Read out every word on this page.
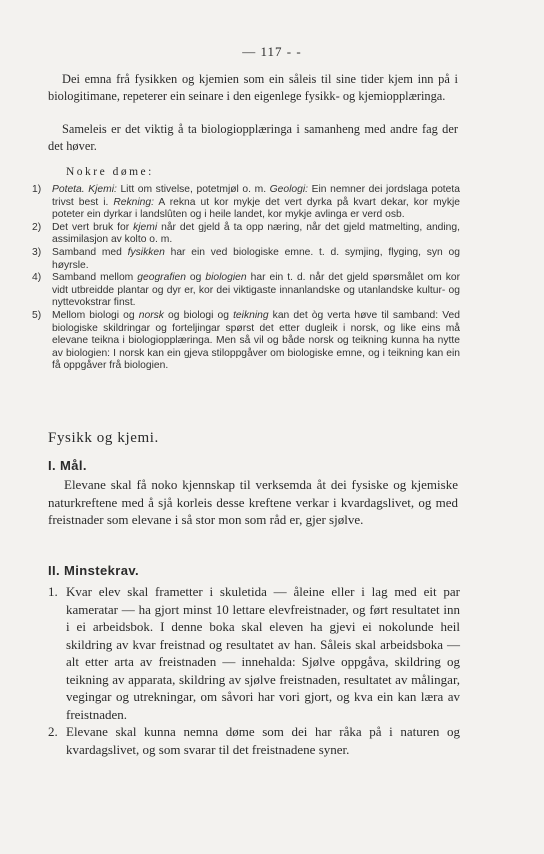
— 117 - -

Dei emna frå fysikken og kjemien som ein såleis til sine tider kjem inn på i biologitimane, repeterer ein seinare i den eigenlege fysikk- og kjemiopplæringa.

Sameleis er det viktig å ta biologiopplæringa i samanheng med andre fag der det høver.

Nokre døme:
1)	Poteta. Kjemi: Litt om stivelse, potetmjøl o. m. Geologi: Ein nemner dei jordslaga poteta trivst best i. Rekning: A rekna ut kor mykje det vert dyrka på kvart dekar, kor mykje poteter ein dyrkar i landslûten og i heile landet, kor mykje avlinga er verd osb.
2)	Det vert bruk for kjemi når det gjeld å ta opp næring, når det gjeld matmelting, anding, assimilasjon av kolto o. m.
3)	Samband med fysikken har ein ved biologiske emne. t. d. symjing, flyging, syn og høyrsle.
4)	Samband mellom geografien og biologien har ein t. d. når det gjeld spørsmålet om kor vidt utbreidde plantar og dyr er, kor dei viktigaste innanlandske og utanlandske kultur- og nyttevokstrar finst.
5)	Mellom biologi og norsk og biologi og teikning kan det òg verta høve til samband: Ved biologiske skildringar og forteljingar spørst det etter dugleik i norsk, og like eins må elevane teikna i biologiopplæringa. Men så vil og både norsk og teikning kunna ha nytte av biologien: I norsk kan ein gjeva stiloppgåver om biologiske emne, og i teikning kan ein få oppgåver frå biologien.
Fysikk og kjemi.
I. Mål.
Elevane skal få noko kjennskap til verksemda åt dei fysiske og kjemiske naturkreftene med å sjå korleis desse kreftene verkar i kvardagslivet, og med freistnader som elevane i så stor mon som råd er, gjer sjølve.
II. Minstekrav.
1. Kvar elev skal frametter i skuletida — åleine eller i lag med eit par kameratar — ha gjort minst 10 lettare elevfreistnader, og ført resultatet inn i ei arbeidsbok. I denne boka skal eleven ha gjevi ei nokolunde heil skildring av kvar freistnad og resultatet av han. Såleis skal arbeidsboka — alt etter arta av freistnaden — innehalda: Sjølve oppgåva, skildring og teikning av apparata, skildring av sjølve freistnaden, resultatet av målingar, vegingar og utrekningar, om såvori har vori gjort, og kva ein kan læra av freistnaden.
2. Elevane skal kunna nemna døme som dei har råka på i naturen og kvardagslivet, og som svarar til det freistnadene syner.
